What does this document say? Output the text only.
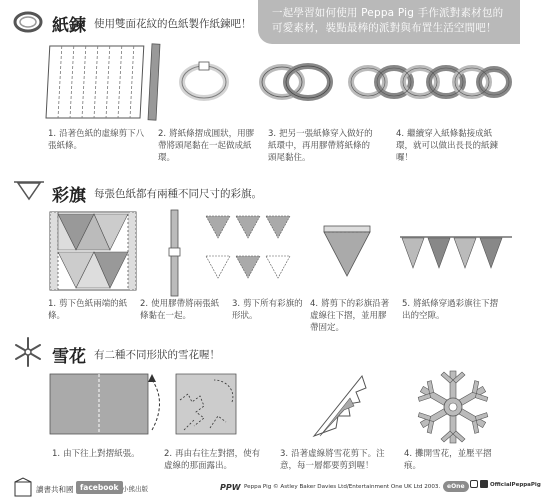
一起學習如何使用 Peppa Pig 手作派對素材包的
可愛素材，裝點最棒的派對與布置生活空間吧！
紙鍊 使用雙面花紋的色紙製作紙鍊吧！
1. 沿著色紙的虛線剪下八張紙條。
2. 將紙條摺成圓狀，用膠帶將頭尾黏在一起做成紙環。
3. 把另一張紙條穿入做好的紙環中，再用膠帶將紙條的頭尾黏住。
4. 繼續穿入紙條黏接成紙環，就可以做出長長的紙鍊囉！
彩旗 每張色紙都有兩種不同尺寸的彩旗。
1. 剪下色紙兩端的紙條。
2. 使用膠帶將兩張紙條黏在一起。
3. 剪下所有彩旗的形狀。
4. 將剪下的彩旗沿著虛線往下摺，並用膠帶固定。
5. 將紙條穿過彩旗往下摺出的空隙。
雪花 有二種不同形狀的雪花喔！
1. 由下往上對摺紙張。	2. 再由右往左對摺，使有虛線的那面露出。
3. 沿著虛線將雪花剪下。注意，每一層都要剪到喔！
4. 攤開雪花，並壓平摺痕。
讀書共和國 facebook 小熊出版	PPW Peppa Pig © Astley Baker Davies Ltd/Entertainment One UK Ltd 2003.	eOne	OfficialPeppaPig
